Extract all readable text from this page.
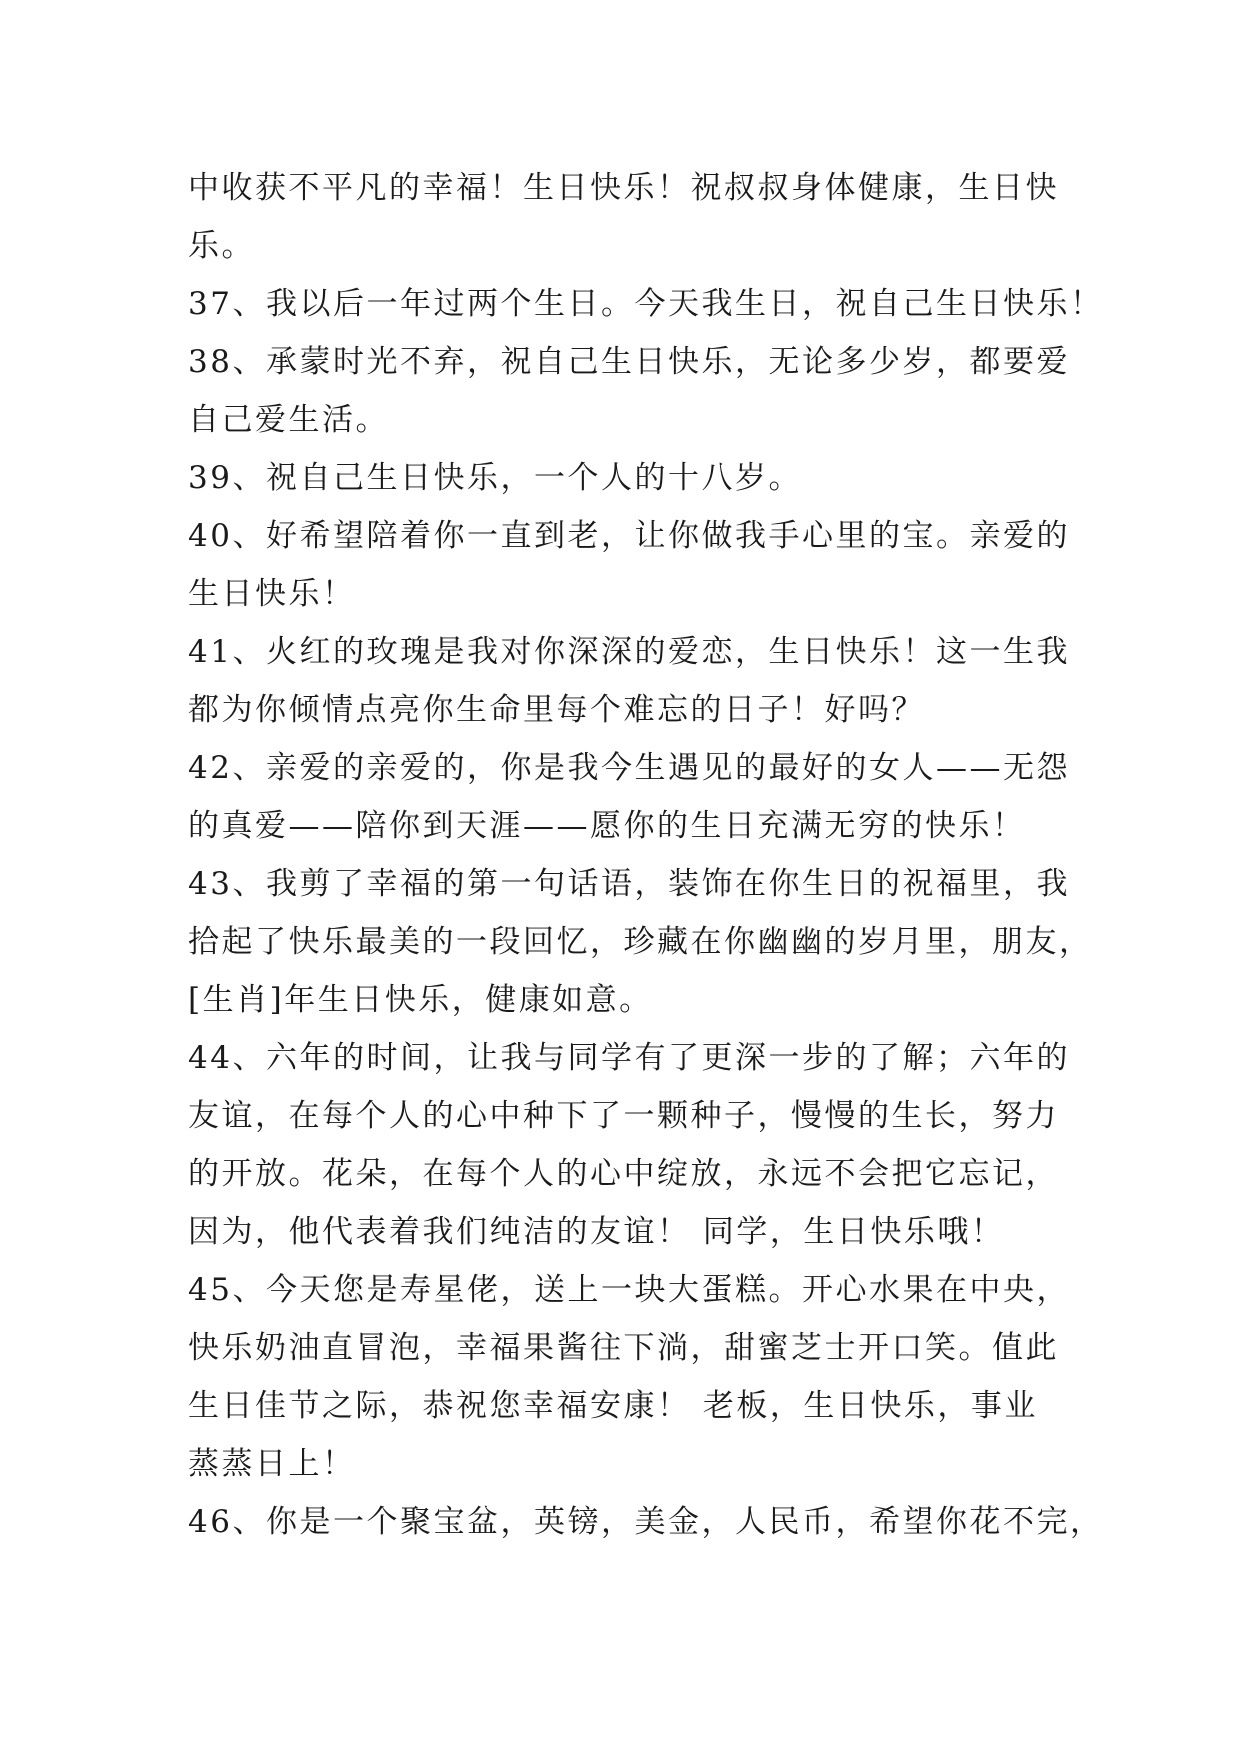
中收获不平凡的幸福！生日快乐！祝叔叔身体健康，生日快
乐。
37、我以后一年过两个生日。今天我生日，祝自己生日快乐！
38、承蒙时光不弃，祝自己生日快乐，无论多少岁，都要爱
自己爱生活。
39、祝自己生日快乐，一个人的十八岁。
40、好希望陪着你一直到老，让你做我手心里的宝。亲爱的
生日快乐！
41、火红的玫瑰是我对你深深的爱恋，生日快乐！这一生我
都为你倾情点亮你生命里每个难忘的日子！好吗？
42、亲爱的亲爱的，你是我今生遇见的最好的女人——无怨
的真爱——陪你到天涯——愿你的生日充满无穷的快乐！
43、我剪了幸福的第一句话语，装饰在你生日的祝福里，我
拾起了快乐最美的一段回忆，珍藏在你幽幽的岁月里，朋友，
[生肖]年生日快乐，健康如意。
44、六年的时间，让我与同学有了更深一步的了解；六年的
友谊，在每个人的心中种下了一颗种子，慢慢的生长，努力
的开放。花朵，在每个人的心中绽放，永远不会把它忘记，
因为，他代表着我们纯洁的友谊！ 同学，生日快乐哦！
45、今天您是寿星佬，送上一块大蛋糕。开心水果在中央，
快乐奶油直冒泡，幸福果酱往下淌，甜蜜芝士开口笑。值此
生日佳节之际，恭祝您幸福安康！ 老板，生日快乐，事业
蒸蒸日上！
46、你是一个聚宝盆，英镑，美金，人民币，希望你花不完，
